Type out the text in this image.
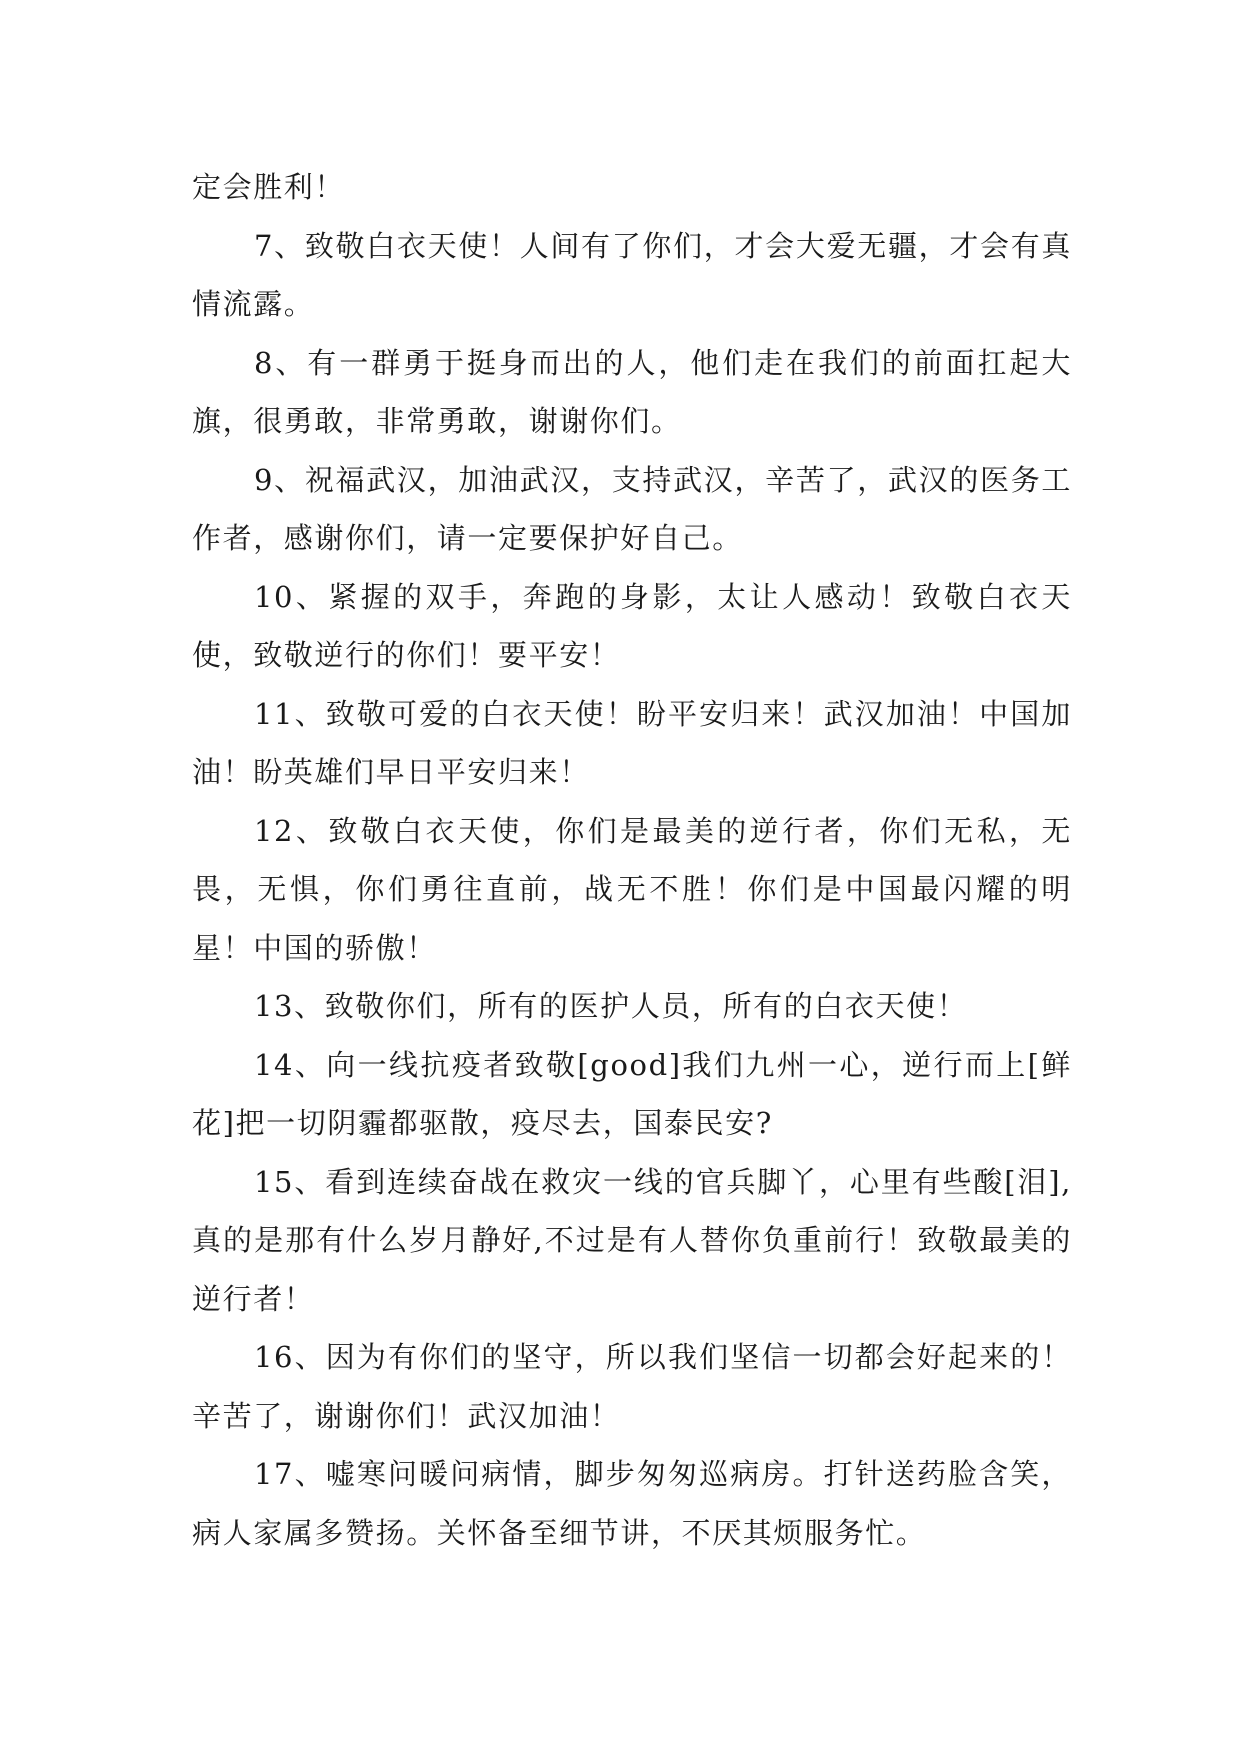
定会胜利！

7、致敬白衣天使！人间有了你们，才会大爱无疆，才会有真情流露。

8、有一群勇于挺身而出的人，他们走在我们的前面扛起大旗，很勇敢，非常勇敢，谢谢你们。

9、祝福武汉，加油武汉，支持武汉，辛苦了，武汉的医务工作者，感谢你们，请一定要保护好自己。

10、紧握的双手，奔跑的身影，太让人感动！致敬白衣天使，致敬逆行的你们！要平安！

11、致敬可爱的白衣天使！盼平安归来！武汉加油！中国加油！盼英雄们早日平安归来！

12、致敬白衣天使，你们是最美的逆行者，你们无私，无畏，无惧，你们勇往直前，战无不胜！你们是中国最闪耀的明星！中国的骄傲！

13、致敬你们，所有的医护人员，所有的白衣天使！

14、向一线抗疫者致敬[good]我们九州一心，逆行而上[鲜花]把一切阴霾都驱散，疫尽去，国泰民安?

15、看到连续奋战在救灾一线的官兵脚丫，心里有些酸[泪],真的是那有什么岁月静好,不过是有人替你负重前行！致敬最美的逆行者！

16、因为有你们的坚守，所以我们坚信一切都会好起来的！辛苦了，谢谢你们！武汉加油！

17、嘘寒问暖问病情，脚步匆匆巡病房。打针送药脸含笑，病人家属多赞扬。关怀备至细节讲，不厌其烦服务忙。
